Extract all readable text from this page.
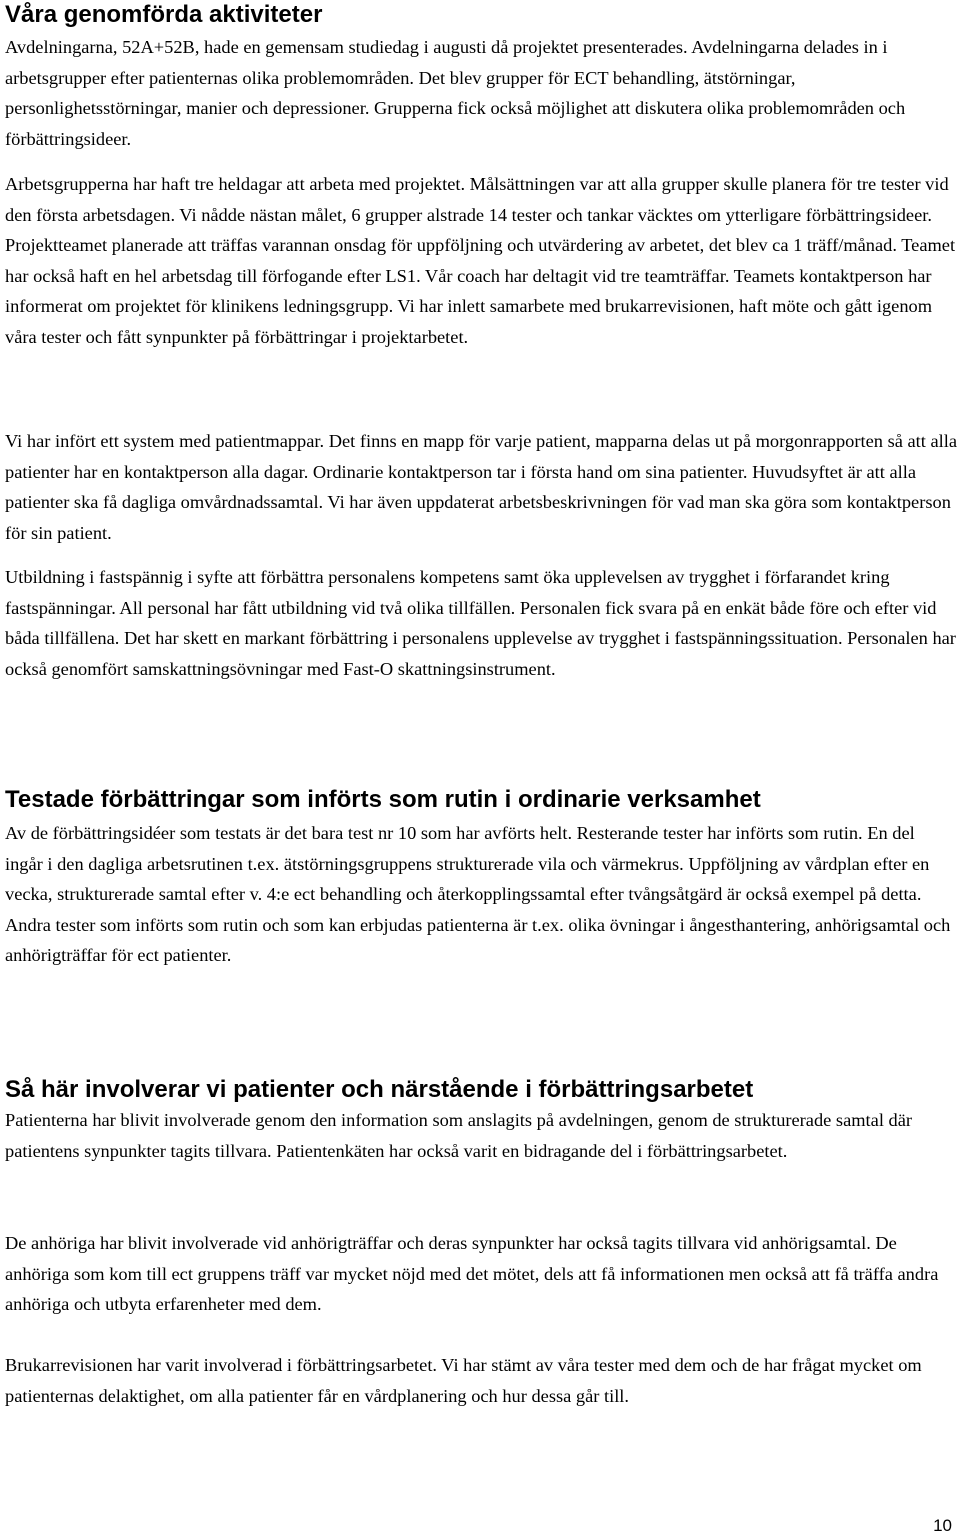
Våra genomförda aktiviteter

Avdelningarna, 52A+52B, hade en gemensam studiedag i augusti då projektet presenterades. Avdelningarna delades in i arbetsgrupper efter patienternas olika problemområden. Det blev grupper för ECT behandling, ätstörningar, personlighetsstörningar, manier och depressioner. Grupperna fick också möjlighet att diskutera olika problemområden och förbättringsideer.

Arbetsgrupperna har haft tre heldagar att arbeta med projektet. Målsättningen var att alla grupper skulle planera för tre tester vid den första arbetsdagen. Vi nådde nästan målet, 6 grupper alstrade 14 tester och tankar väcktes om ytterligare förbättringsideer. Projektteamet planerade att träffas varannan onsdag för uppföljning och utvärdering av arbetet, det blev ca 1 träff/månad. Teamet har också haft en hel arbetsdag till förfogande efter LS1. Vår coach har deltagit vid tre teamträffar. Teamets kontaktperson har informerat om projektet för klinikens ledningsgrupp. Vi har inlett samarbete med brukarrevisionen, haft möte och gått igenom våra tester och fått synpunkter på förbättringar i projektarbetet.

Vi har infört ett system med patientmappar. Det finns en mapp för varje patient, mapparna delas ut på morgonrapporten så att alla patienter har en kontaktperson alla dagar. Ordinarie kontaktperson tar i första hand om sina patienter. Huvudsyftet är att alla patienter ska få dagliga omvårdnadssamtal. Vi har även uppdaterat arbetsbeskrivningen för vad man ska göra som kontaktperson för sin patient.

Utbildning i fastspännig i syfte att förbättra personalens kompetens samt öka upplevelsen av trygghet i förfarandet kring fastspänningar. All personal har fått utbildning vid två olika tillfällen. Personalen fick svara på en enkät både före och efter vid båda tillfällena. Det har skett en markant förbättring i personalens upplevelse av trygghet i fastspänningssituation. Personalen har också genomfört samskattningsövningar med Fast-O skattningsinstrument.

Testade förbättringar som införts som rutin i ordinarie verksamhet

Av de förbättringsidéer som testats är det bara test nr 10 som har avförts helt. Resterande tester har införts som rutin. En del ingår i den dagliga arbetsrutinen t.ex. ätstörningsgruppens strukturerade vila och värmekrus. Uppföljning av vårdplan efter en vecka, strukturerade samtal efter v. 4:e ect behandling och återkopplingssamtal efter tvångsåtgärd är också exempel på detta. Andra tester som införts som rutin och som kan erbjudas patienterna är t.ex. olika övningar i ångesthantering, anhörigsamtal och anhörigträffar för ect patienter.

Så här involverar vi patienter och närstående i förbättringsarbetet

Patienterna har blivit involverade genom den information som anslagits på avdelningen, genom de strukturerade samtal där patientens synpunkter tagits tillvara. Patientenkäten har också varit en bidragande del i förbättringsarbetet.

De anhöriga har blivit involverade vid anhörigträffar och deras synpunkter har också tagits tillvara vid anhörigsamtal. De anhöriga som kom till ect gruppens träff var mycket nöjd med det mötet, dels att få informationen men också att få träffa andra anhöriga och utbyta erfarenheter med dem.

Brukarrevisionen har varit involverad i förbättringsarbetet. Vi har stämt av våra tester med dem och de har frågat mycket om patienternas delaktighet, om alla patienter får en vårdplanering och hur dessa går till.

10
